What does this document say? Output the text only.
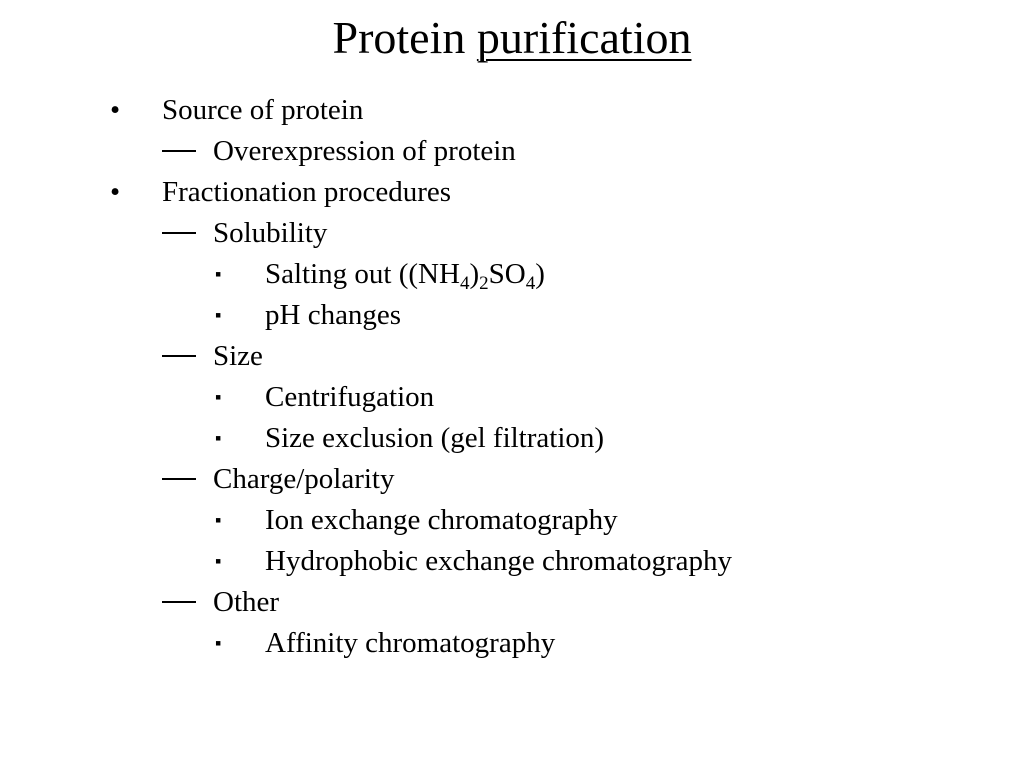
Protein purification
• Source of protein
Overexpression of protein
• Fractionation procedures
Solubility
▪ Salting out $((NH_4)_2SO_4)$
▪ pH changes
Size
▪ Centrifugation
▪ Size exclusion (gel filtration)
Charge/polarity
▪ Ion exchange chromatography
▪ Hydrophobic exchange chromatography
Other
▪ Affinity chromatography
